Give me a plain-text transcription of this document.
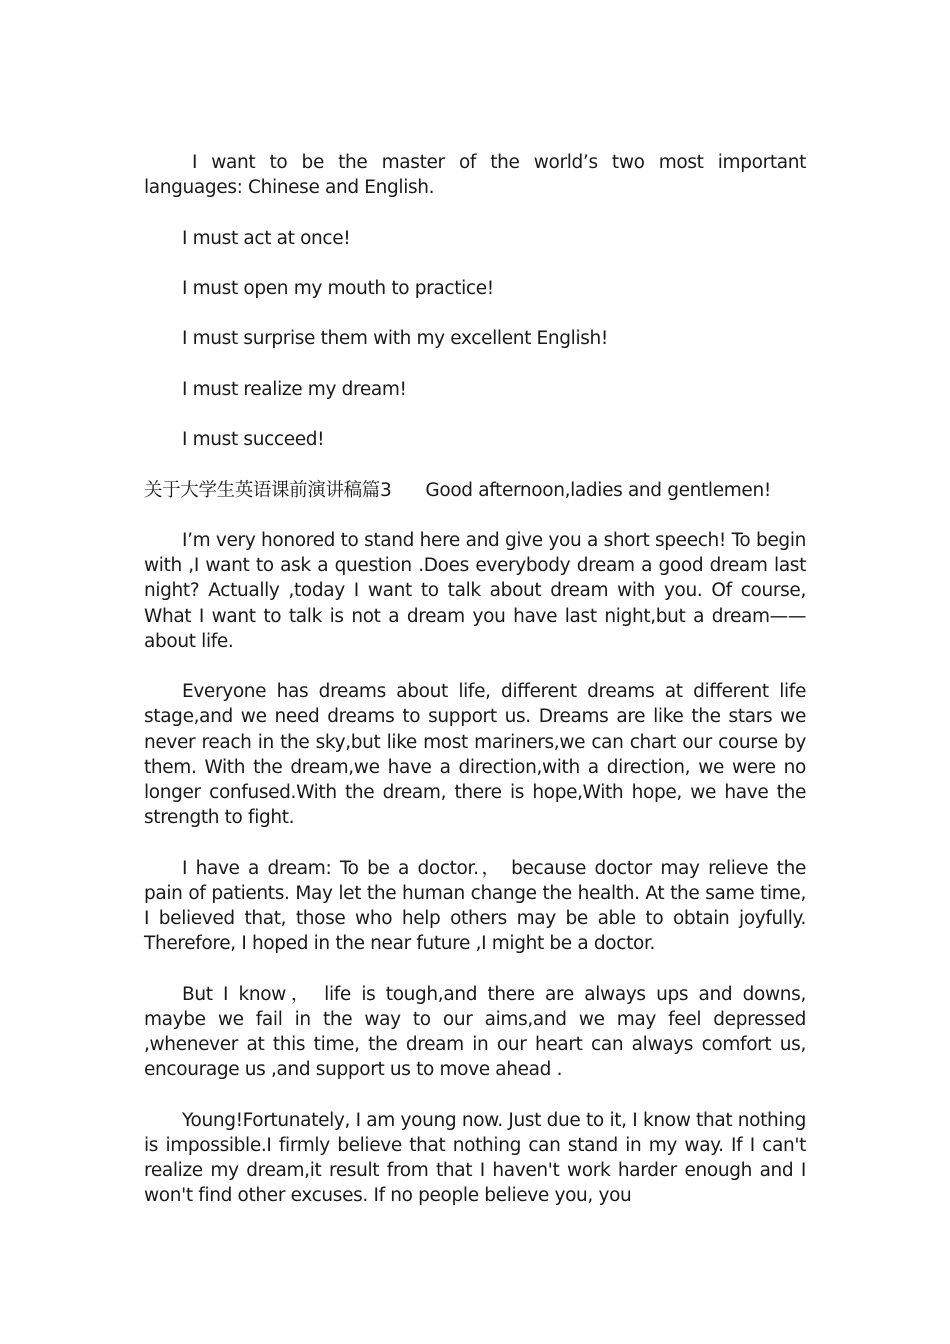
I want to be the master of the world’s two most important languages: Chinese and English.

I must act at once!

I must open my mouth to practice!

I must surprise them with my excellent English!

I must realize my dream!

I must succeed!

关于大学生英语课前演讲稿篇3 Good afternoon,ladies and gentlemen!

I’m very honored to stand here and give you a short speech! To begin with ,I want to ask a question .Does everybody dream a good dream last night? Actually ,today I want to talk about dream with you. Of course, What I want to talk is not a dream you have last night,but a dream—— about life.

Everyone has dreams about life, different dreams at different life stage,and we need dreams to support us. Dreams are like the stars we never reach in the sky,but like most mariners,we can chart our course by them. With the dream,we have a direction,with a direction, we were no longer confused.With the dream, there is hope,With hope, we have the strength to fight.

I have a dream: To be a doctor.， because doctor may relieve the pain of patients. May let the human change the health. At the same time, I believed that, those who help others may be able to obtain joyfully. Therefore, I hoped in the near future ,I might be a doctor.

But I know， life is tough,and there are always ups and downs, maybe we fail in the way to our aims,and we may feel depressed ,whenever at this time, the dream in our heart can always comfort us, encourage us ,and support us to move ahead .

Young!Fortunately, I am young now. Just due to it, I know that nothing is impossible.I firmly believe that nothing can stand in my way. If I can't realize my dream,it result from that I haven't work harder enough and I won't find other excuses. If no people believe you, you
